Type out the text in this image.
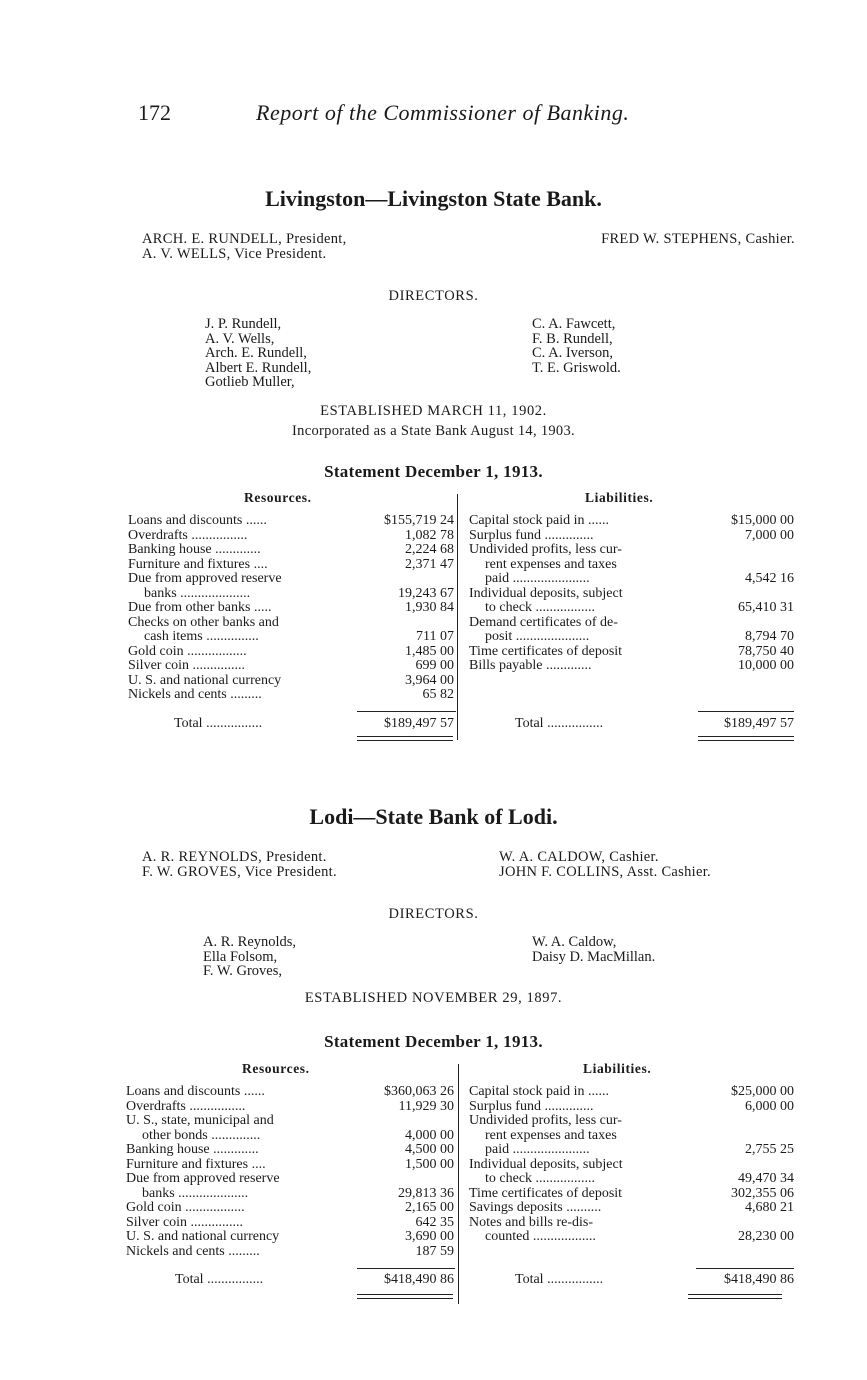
172	Report of the Commissioner of Banking.
Livingston—Livingston State Bank.
ARCH. E. RUNDELL, President,
A. V. WELLS, Vice President.
FRED W. STEPHENS, Cashier.
DIRECTORS.
J. P. Rundell,
A. V. Wells,
Arch. E. Rundell,
Albert E. Rundell,
Gotlieb Muller,
C. A. Fawcett,
F. B. Rundell,
C. A. Iverson,
T. E. Griswold.
ESTABLISHED MARCH 11, 1902.
Incorporated as a State Bank August 14, 1903.
Statement December 1, 1913.
Resources.	Liabilities.
Loans and discounts ......	$155,719 24
Overdrafts ................	1,082 78
Banking house .............	2,224 68
Furniture and fixtures ....	2,371 47
Due from approved reserve
banks ....................	19,243 67
Due from other banks .....	1,930 84
Checks on other banks and
cash items ...............	711 07
Gold coin .................	1,485 00
Silver coin ...............	699 00
U. S. and national currency	3,964 00
Nickels and cents .........	65 82
Capital stock paid in ......	$15,000 00
Surplus fund ..............	7,000 00
Undivided profits, less cur-
rent expenses and taxes
paid ......................	4,542 16
Individual deposits, subject
to check .................	65,410 31
Demand certificates of de-
posit .....................	8,794 70
Time certificates of deposit	78,750 40
Bills payable .............	10,000 00
Total ................	$189,497 57	Total ................	$189,497 57
Lodi—State Bank of Lodi.
A. R. REYNOLDS, President.
F. W. GROVES, Vice President.
W. A. CALDOW, Cashier.
JOHN F. COLLINS, Asst. Cashier.
DIRECTORS.
A. R. Reynolds,
Ella Folsom,
F. W. Groves,
W. A. Caldow,
Daisy D. MacMillan.
ESTABLISHED NOVEMBER 29, 1897.
Statement December 1, 1913.
Resources.	Liabilities.
Loans and discounts ......	$360,063 26
Overdrafts ................	11,929 30
U. S., state, municipal and
other bonds ..............	4,000 00
Banking house .............	4,500 00
Furniture and fixtures ....	1,500 00
Due from approved reserve
banks ....................	29,813 36
Gold coin .................	2,165 00
Silver coin ...............	642 35
U. S. and national currency	3,690 00
Nickels and cents .........	187 59
Capital stock paid in ......	$25,000 00
Surplus fund ..............	6,000 00
Undivided profits, less cur-
rent expenses and taxes
paid ......................	2,755 25
Individual deposits, subject
to check .................	49,470 34
Time certificates of deposit	302,355 06
Savings deposits ..........	4,680 21
Notes and bills re-dis-
counted ..................	28,230 00
Total ................	$418,490 86	Total ................	$418,490 86
